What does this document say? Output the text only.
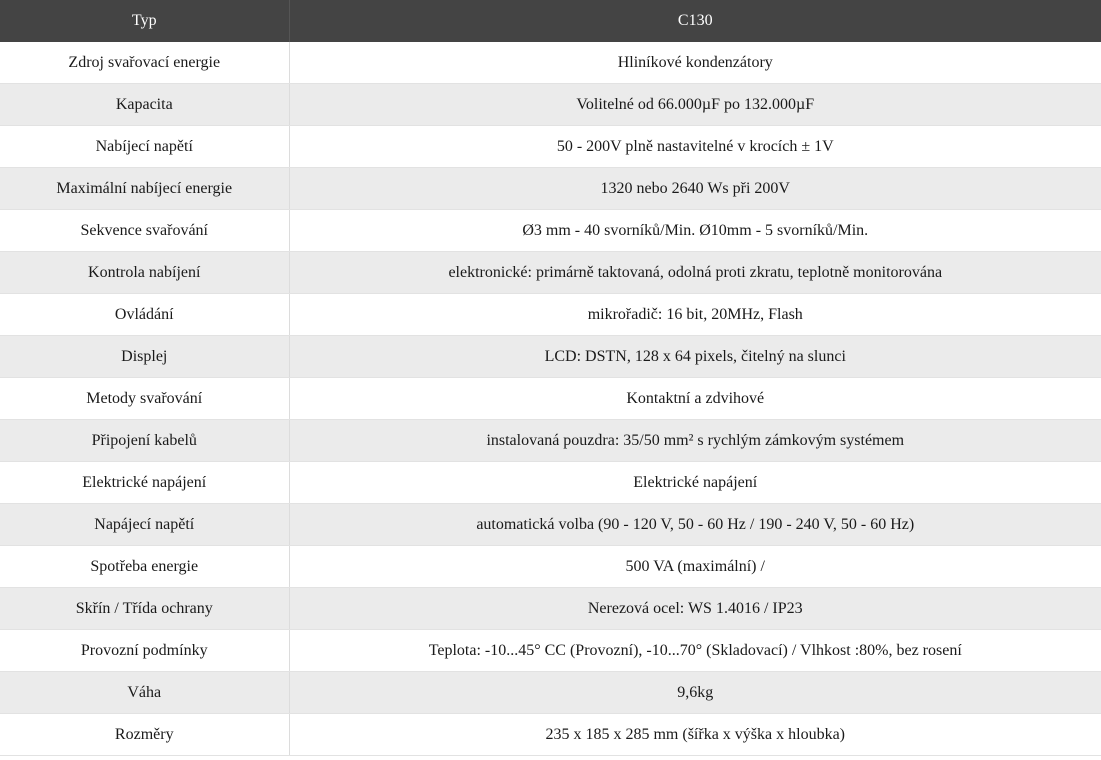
Typ	C130
Zdroj svařovací energie	Hliníkové kondenzátory
Kapacita	Volitelné od 66.000µF po 132.000µF
Nabíjecí napětí	50 - 200V plně nastavitelné v krocích ± 1V
Maximální nabíjecí energie	1320 nebo 2640 Ws při 200V
Sekvence svařování	Ø3 mm - 40 svorníků/Min. Ø10mm - 5 svorníků/Min.
Kontrola nabíjení	elektronické: primárně taktovaná, odolná proti zkratu, teplotně monitorována
Ovládání	mikrořadič: 16 bit, 20MHz, Flash
Displej	LCD: DSTN, 128 x 64 pixels, čitelný na slunci
Metody svařování	Kontaktní a zdvihové
Připojení kabelů	instalovaná pouzdra: 35/50 mm² s rychlým zámkovým systémem
Elektrické napájení	Elektrické napájení
Napájecí napětí	automatická volba (90 - 120 V, 50 - 60 Hz / 190 - 240 V, 50 - 60 Hz)
Spotřeba energie	500 VA (maximální) /
Skřín / Třída ochrany	Nerezová ocel: WS 1.4016 / IP23
Provozní podmínky	Teplota: -10...45° CC (Provozní), -10...70° (Skladovací) / Vlhkost :80%, bez rosení
Váha	9,6kg
Rozměry	235 x 185 x 285 mm (šířka x výška x hloubka)
